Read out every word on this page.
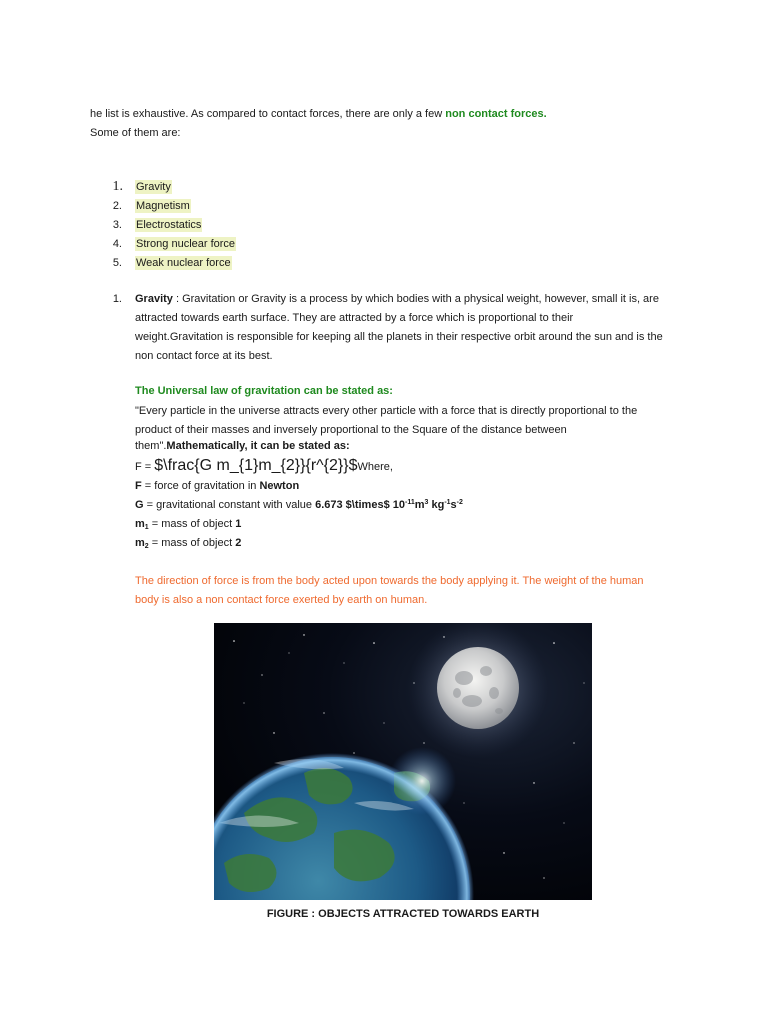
he list is exhaustive. As compared to contact forces, there are only a few non contact forces.
Some of them are:
1. Gravity
2. Magnetism
3. Electrostatics
4. Strong nuclear force
5. Weak nuclear force
1. Gravity : Gravitation or Gravity is a process by which bodies with a physical weight, however, small it is, are
attracted towards earth surface. They are attracted by a force which is proportional to their
weight.Gravitation is responsible for keeping all the planets in their respective orbit around the sun and is the
non contact force at its best.
The Universal law of gravitation can be stated as:
"Every particle in the universe attracts every other particle with a force that is directly proportional to the
product of their masses and inversely proportional to the Square of the distance between
them".Mathematically, it can be stated as:
F = $\frac{G m_{1}m_{2}}{r^{2}}$Where,
F = force of gravitation in Newton
G = gravitational constant with value 6.673 $\times$ $10^{-11}m^3$ $kg^{-1}s^{-2}$
$m_1$ = mass of object 1
$m_2$ = mass of object 2
The direction of force is from the body acted upon towards the body applying it. The weight of the human
body is also a non contact force exerted by earth on human.
FIGURE : OBJECTS ATTRACTED TOWARDS EARTH
